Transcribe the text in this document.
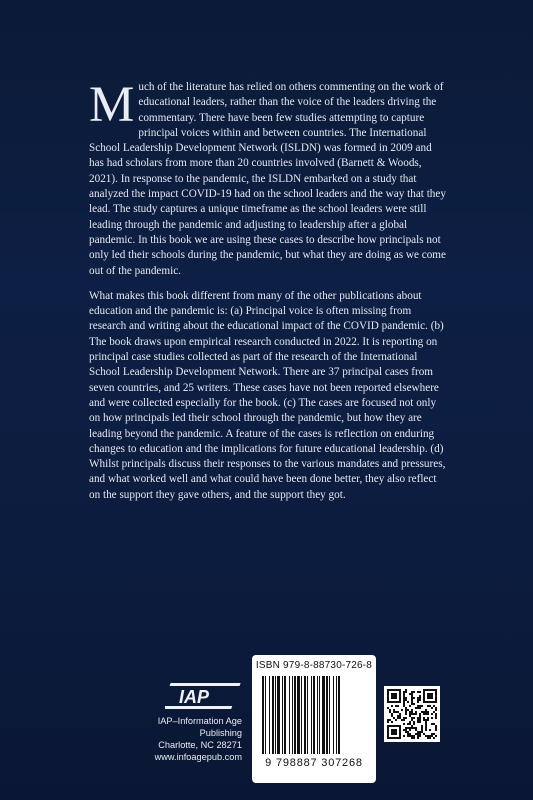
Much of the literature has relied on others commenting on the work of educational leaders, rather than the voice of the leaders driving the commentary. There have been few studies attempting to capture principal voices within and between countries. The International School Leadership Development Network (ISLDN) was formed in 2009 and has had scholars from more than 20 countries involved (Barnett & Woods, 2021). In response to the pandemic, the ISLDN embarked on a study that analyzed the impact COVID-19 had on the school leaders and the way that they lead. The study captures a unique timeframe as the school leaders were still leading through the pandemic and adjusting to leadership after a global pandemic. In this book we are using these cases to describe how principals not only led their schools during the pandemic, but what they are doing as we come out of the pandemic.

What makes this book different from many of the other publications about education and the pandemic is: (a) Principal voice is often missing from research and writing about the educational impact of the COVID pandemic. (b) The book draws upon empirical research conducted in 2022. It is reporting on principal case studies collected as part of the research of the International School Leadership Development Network. There are 37 principal cases from seven countries, and 25 writers. These cases have not been reported elsewhere and were collected especially for the book. (c) The cases are focused not only on how principals led their school through the pandemic, but how they are leading beyond the pandemic. A feature of the cases is reflection on enduring changes to education and the implications for future educational leadership. (d) Whilst principals discuss their responses to the various mandates and pressures, and what worked well and what could have been done better, they also reflect on the support they gave others, and the support they got.

IAP
IAP–Information Age Publishing
Charlotte, NC 28271
www.infoagepub.com
ISBN 979-8-88730-726-8
9 798887 307268
